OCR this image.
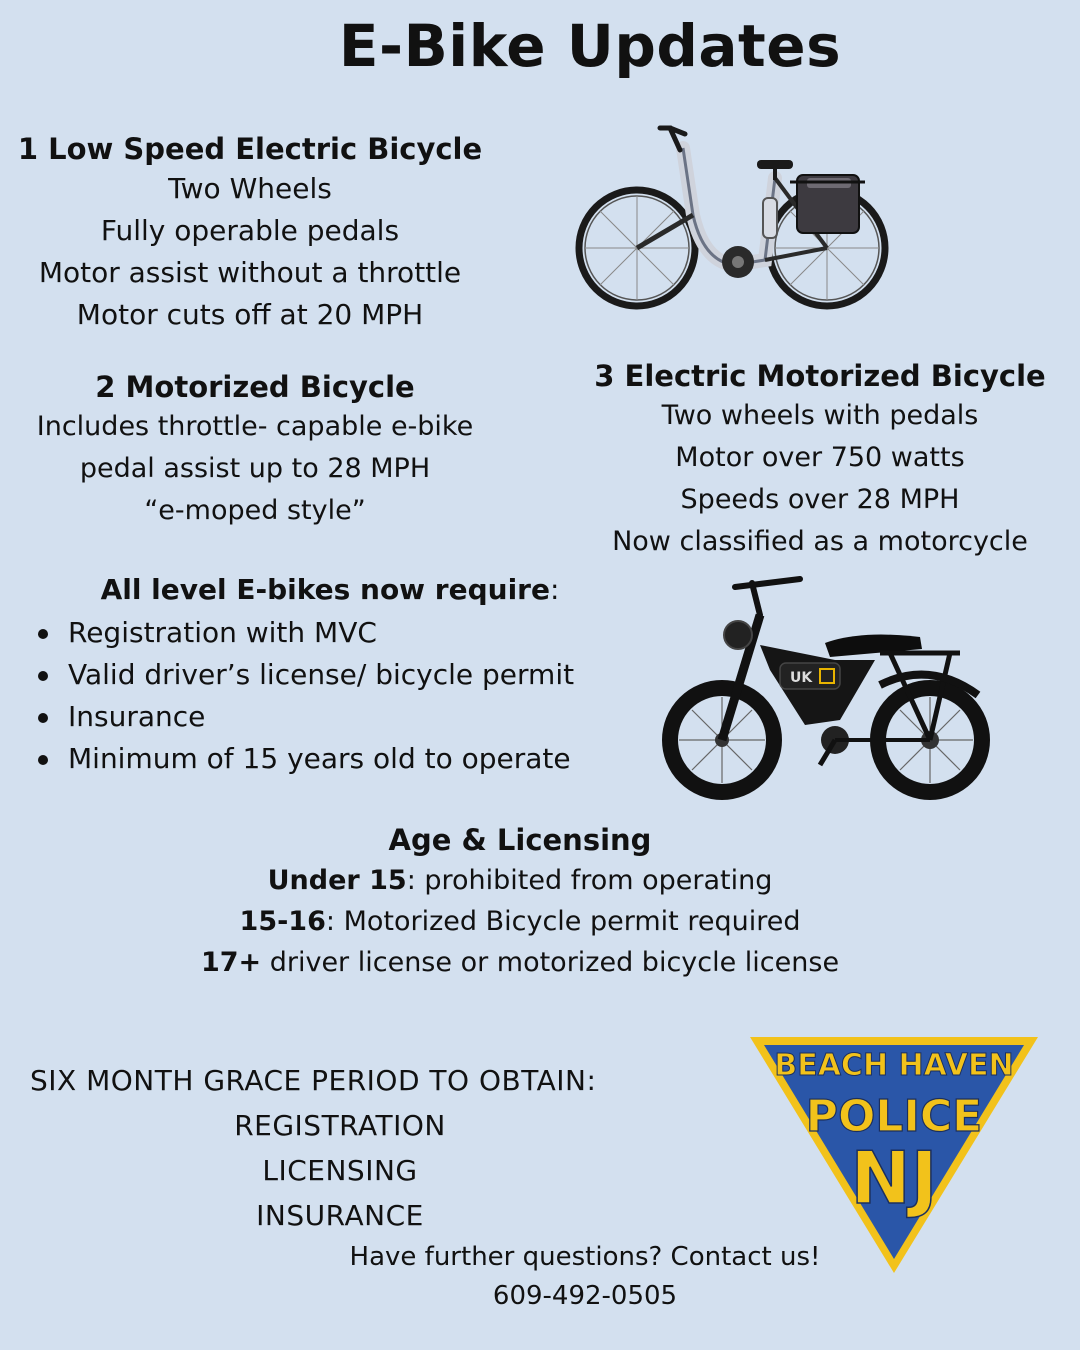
E-Bike Updates
1 Low Speed Electric Bicycle
Two Wheels
Fully operable pedals
Motor assist without a throttle
Motor cuts off at 20 MPH
2 Motorized Bicycle
Includes throttle- capable e-bike
pedal assist up to 28 MPH
“e-moped style”
3 Electric Motorized Bicycle
Two wheels with pedals
Motor over 750 watts
Speeds over 28 MPH
Now classified as a motorcycle
All level E-bikes now require:
Registration with MVC
Valid driver’s license/ bicycle permit
Insurance
Minimum of 15 years old to operate
Age & Licensing
Under 15: prohibited from operating
15-16: Motorized Bicycle permit required
17+ driver license or motorized bicycle license
SIX MONTH GRACE PERIOD TO OBTAIN:
REGISTRATION
LICENSING
INSURANCE
Have further questions? Contact us!
609-492-0505
UK
BEACH HAVEN
POLICE
NJ
